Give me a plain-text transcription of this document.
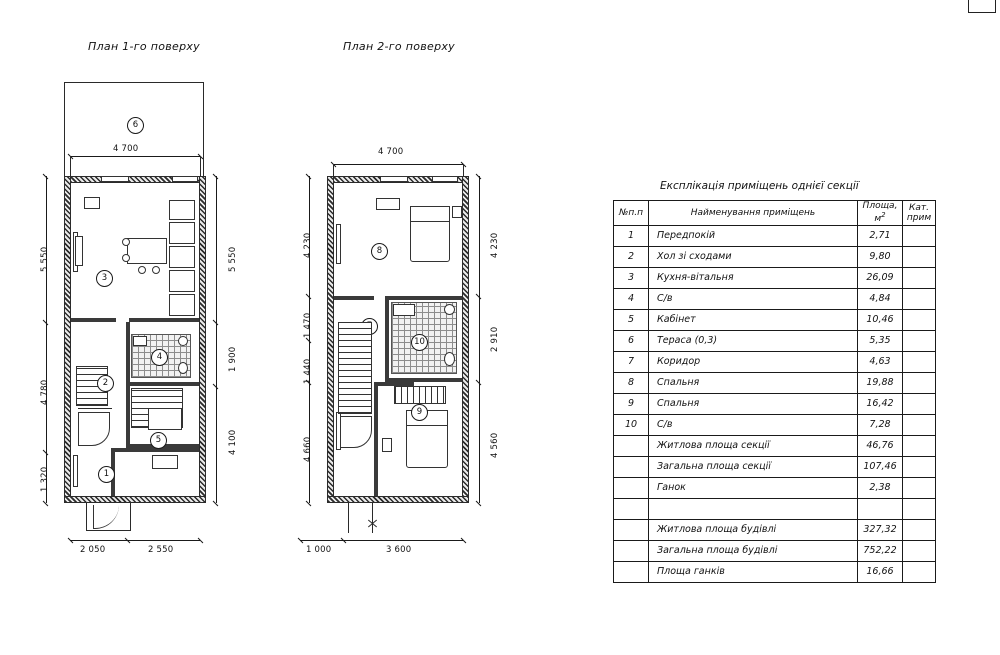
План 1-го поверху	План 2-го поверху
6
4 700
3
4
2
5
1
5 550
4 780
1 320
5 550
1 900
4 100
2 050	2 550
4 700
8
10
9
4 230
1 470
1 440
4 660
4 230
2 910
4 560
1 000	3 600
Експлікація приміщень однієї секції
№п.п	Найменування приміщень	Площа, $м^2$	Кат. прим
1	Передпокій	2,71	
2	Хол зі сходами	9,80	
3	Кухня-вітальня	26,09	
4	С/в	4,84	
5	Кабінет	10,46	
6	Тераса (0,3)	5,35	
7	Коридор	4,63	
8	Спальня	19,88	
9	Спальня	16,42	
10	С/в	7,28	
	Житлова площа секції	46,76	
	Загальна площа секції	107,46	
	Ганок	2,38	

	Житлова площа будівлі	327,32	
	Загальна площа будівлі	752,22	
	Площа ганків	16,66	
